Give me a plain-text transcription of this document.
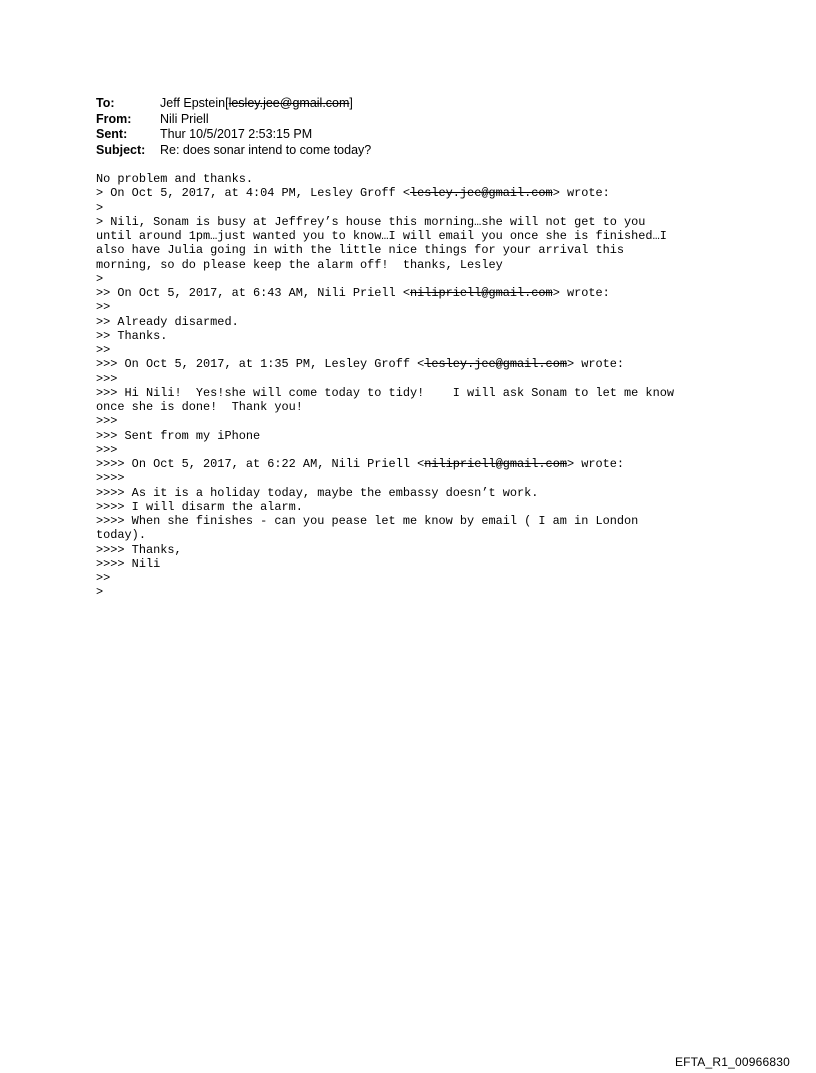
To:	Jeff Epstein[lesley.jee@gmail.com]
From:	Nili Priell
Sent:	Thur 10/5/2017 2:53:15 PM
Subject:	Re: does sonar intend to come today?
No problem and thanks.
> On Oct 5, 2017, at 4:04 PM, Lesley Groff <lesley.jee@gmail.com> wrote:
>
> Nili, Sonam is busy at Jeffrey’s house this morning…she will not get to you
until around 1pm…just wanted you to know…I will email you once she is finished…I
also have Julia going in with the little nice things for your arrival this
morning, so do please keep the alarm off!  thanks, Lesley
>
>> On Oct 5, 2017, at 6:43 AM, Nili Priell <nilipriell@gmail.com> wrote:
>>
>> Already disarmed.
>> Thanks.
>>
>>> On Oct 5, 2017, at 1:35 PM, Lesley Groff <lesley.jee@gmail.com> wrote:
>>>
>>> Hi Nili!  Yes!she will come today to tidy!    I will ask Sonam to let me know
once she is done!  Thank you!
>>>
>>> Sent from my iPhone
>>>
>>>> On Oct 5, 2017, at 6:22 AM, Nili Priell <nilipriell@gmail.com> wrote:
>>>>
>>>> As it is a holiday today, maybe the embassy doesn’t work.
>>>> I will disarm the alarm.
>>>> When she finishes - can you pease let me know by email ( I am in London
today).
>>>> Thanks,
>>>> Nili
>>
>
EFTA_R1_00966830
